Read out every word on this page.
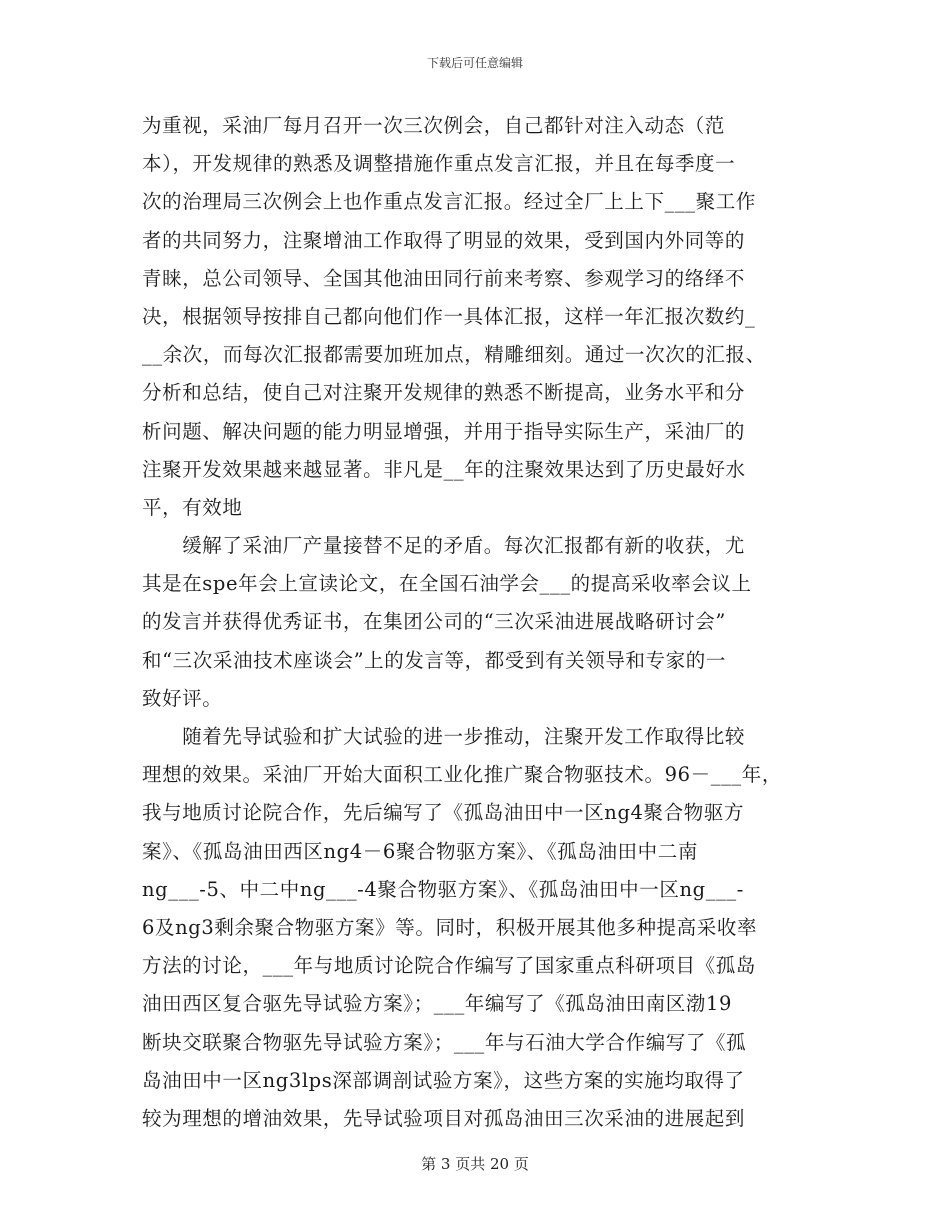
下载后可任意编辑
为重视，采油厂每月召开一次三次例会，自己都针对注入动态（范
本），开发规律的熟悉及调整措施作重点发言汇报，并且在每季度一
次的治理局三次例会上也作重点发言汇报。经过全厂上上下___聚工作
者的共同努力，注聚增油工作取得了明显的效果，受到国内外同等的
青睐，总公司领导、全国其他油田同行前来考察、参观学习的络绎不
决，根据领导按排自己都向他们作一具体汇报，这样一年汇报次数约_
__余次，而每次汇报都需要加班加点，精雕细刻。通过一次次的汇报、
分析和总结，使自己对注聚开发规律的熟悉不断提高，业务水平和分
析问题、解决问题的能力明显增强，并用于指导实际生产，采油厂的
注聚开发效果越来越显著。非凡是__年的注聚效果达到了历史最好水
平，有效地
　　缓解了采油厂产量接替不足的矛盾。每次汇报都有新的收获，尤
其是在spe年会上宣读论文，在全国石油学会___的提高采收率会议上
的发言并获得优秀证书，在集团公司的“三次采油进展战略研讨会”
和“三次采油技术座谈会”上的发言等，都受到有关领导和专家的一
致好评。
　　随着先导试验和扩大试验的进一步推动，注聚开发工作取得比较
理想的效果。采油厂开始大面积工业化推广聚合物驱技术。96－___年，
我与地质讨论院合作，先后编写了《孤岛油田中一区ng4聚合物驱方
案》、《孤岛油田西区ng4－6聚合物驱方案》、《孤岛油田中二南
ng___-5、中二中ng___-4聚合物驱方案》、《孤岛油田中一区ng___-
6及ng3剩余聚合物驱方案》等。同时，积极开展其他多种提高采收率
方法的讨论，___年与地质讨论院合作编写了国家重点科研项目《孤岛
油田西区复合驱先导试验方案》；___年编写了《孤岛油田南区渤19
断块交联聚合物驱先导试验方案》；___年与石油大学合作编写了《孤
岛油田中一区ng3lps深部调剖试验方案》，这些方案的实施均取得了
较为理想的增油效果，先导试验项目对孤岛油田三次采油的进展起到
第 3 页共 20 页
